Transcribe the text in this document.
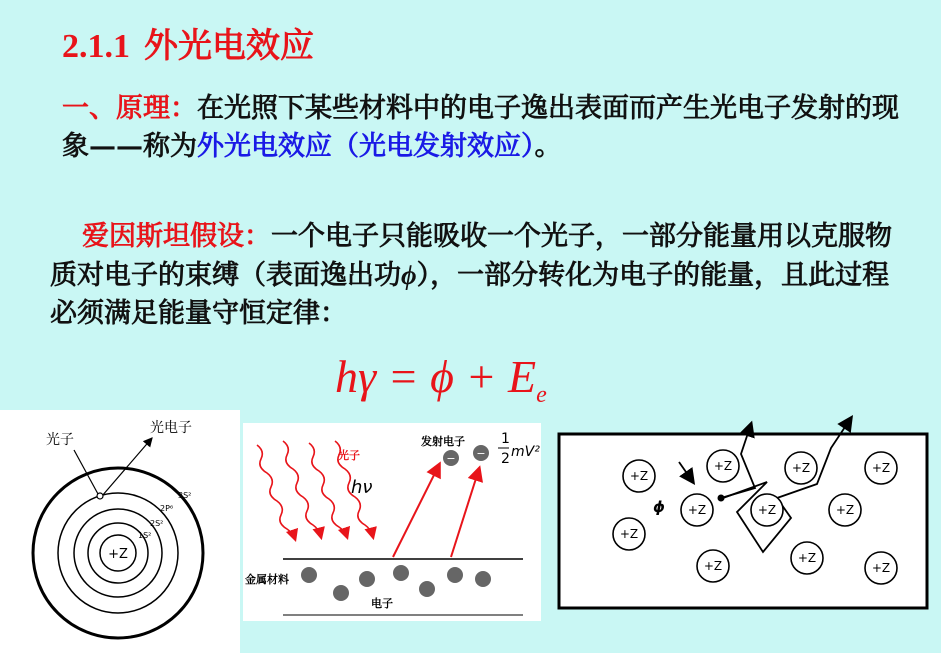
2.1.1 外光电效应
一、原理：在光照下某些材料中的电子逸出表面而产生光电子发射的现象——称为外光电效应（光电发射效应）。
爱因斯坦假设：一个电子只能吸收一个光子，一部分能量用以克服物质对电子的束缚（表面逸出功ϕ），一部分转化为电子的能量，且此过程必须满足能量守恒定律：
$h\gamma = \phi + E_e$
+Z
1S²
2S²
2P⁶
3S²
光子
光电子
光子
hν
发射电子
− −
1
2 mV²
金属材料
电子
ϕ
+Z
+Z	+Z	+Z
+Z	+Z	+Z
+Z
+Z
+Z
+Z
